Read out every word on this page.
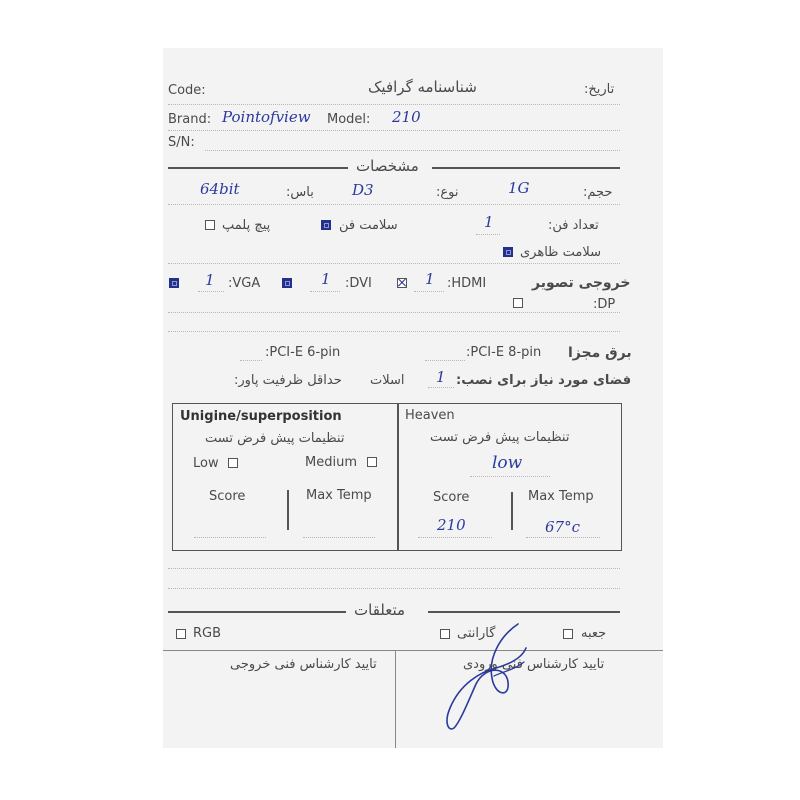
Code:	شناسنامه گرافیک	تاریخ:
Brand: Pointofview Model: 210
S/N:
مشخصات
64bit	باس:	D3	نوع:	1G	حجم:
پیچ پلمپ	سلامت فن	1	تعداد فن:
سلامت ظاهری
1 :VGA	1 :DVI	1 :HDMI	خروجی تصویر
:DP
:PCI-E 6-pin	:PCI-E 8-pin برق مجزا
حداقل ظرفیت پاور: اسلات 1 فضای مورد نیاز برای نصب:
Unigine/superposition
تنظیمات پیش فرض تست
Low	Medium
Score	Max Temp
Heaven
تنظیمات پیش فرض تست
low
Score	Max Temp
210	67°c
متعلقات
RGB	گارانتی	جعبه
تایید کارشناس فنی خروجی	تایید کارشناس فنی ورودی
